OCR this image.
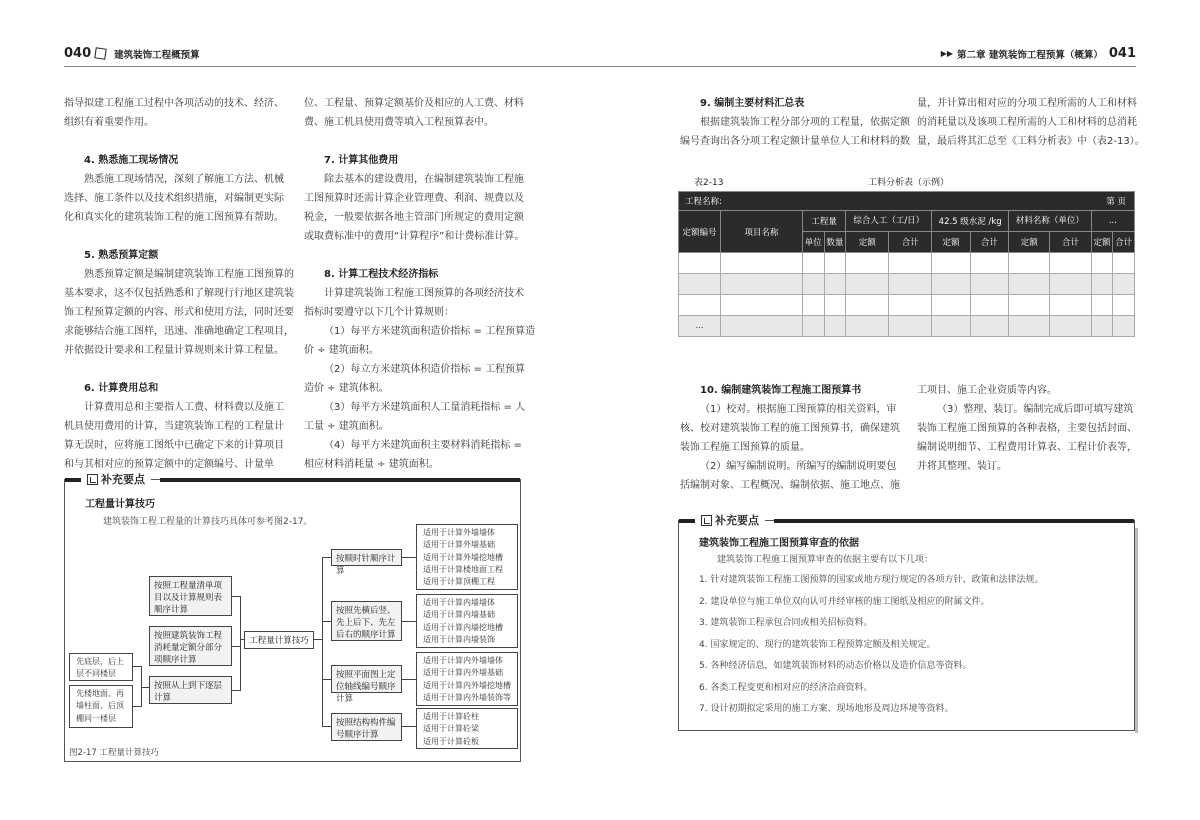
040 建筑装饰工程概预算
指导拟建工程施工过程中各项活动的技术、经济、
组织有着重要作用。

4. 熟悉施工现场情况
熟悉施工现场情况，深刻了解施工方法、机械
选择、施工条件以及技术组织措施，对编制更实际
化和真实化的建筑装饰工程的施工图预算有帮助。

5. 熟悉预算定额
熟悉预算定额是编制建筑装饰工程施工图预算的
基本要求，这不仅包括熟悉和了解现行行地区建筑装
饰工程预算定额的内容、形式和使用方法，同时还要
求能够结合施工图样，迅速、准确地确定工程项目，
并依据设计要求和工程量计算规则来计算工程量。

6. 计算费用总和
计算费用总和主要指人工费、材料费以及施工
机具使用费用的计算，当建筑装饰工程的工程量计
算无误时，应将施工图纸中已确定下来的计算项目
和与其相对应的预算定额中的定额编号、计量单
位、工程量、预算定额基价及相应的人工费、材料
费、施工机具使用费等填入工程预算表中。

7. 计算其他费用
除去基本的建设费用，在编制建筑装饰工程施
工图预算时还需计算企业管理费、利润、规费以及
税金，一般要依据各地主管部门所规定的费用定额
或取费标准中的费用“计算程序”和计费标准计算。

8. 计算工程技术经济指标
计算建筑装饰工程施工图预算的各项经济技术
指标时要遵守以下几个计算规则：
（1）每平方米建筑面积造价指标 = 工程预算造
价 ÷ 建筑面积。
（2）每立方米建筑体积造价指标 = 工程预算
造价 ÷ 建筑体积。
（3）每平方米建筑面积人工量消耗指标 = 人
工量 ÷ 建筑面积。
（4）每平方米建筑面积主要材料消耗指标 =
相应材料消耗量 ÷ 建筑面积。
补充要点
工程量计算技巧
建筑装饰工程工程量的计算技巧具体可参考图2-17。
先底层，后上层不同楼层
先楼地面、再墙柱面、后顶棚同一楼层
按照工程量清单项目以及计算规则表顺序计算
按照建筑装饰工程消耗量定额分部分项顺序计算
按照从上到下逐层计算
工程量计算技巧
按顺时针顺序计算
按照先横后竖、先上后下、先左后右的顺序计算
按照平面图上定位轴线编号顺序计算
按照结构构件编号顺序计算
适用于计算外墙墙体
适用于计算外墙基础
适用于计算外墙挖地槽
适用于计算楼地面工程
适用于计算顶棚工程
适用于计算内墙墙体
适用于计算内墙基础
适用于计算内墙挖地槽
适用于计算内墙装饰
适用于计算内外墙墙体
适用于计算内外墙基础
适用于计算内外墙挖地槽
适用于计算内外墙装饰等
适用于计算砼柱
适用于计算砼梁
适用于计算砼板
图2-17 工程量计算技巧
▶▶ 第二章 建筑装饰工程预算（概算） 041
9. 编制主要材料汇总表
根据建筑装饰工程分部分项的工程量，依据定额
编号查询出各分项工程定额计量单位人工和材料的数
量，并计算出相对应的分项工程所需的人工和材料
的消耗量以及该项工程所需的人工和材料的总消耗
量，最后将其汇总至《工料分析表》中（表2-13）。
表2-13	工料分析表（示例）
工程名称: 第 页											

定额编号	项目名称	工程量		综合人工（工/日）		42.5 级水泥 /kg		材料名称（单位）		...	
		单位	数量	定额	合计	定额	合计	定额	合计	定额	合计

...											
10. 编制建筑装饰工程施工图预算书
（1）校对。根据施工图预算的相关资料，审
核、校对建筑装饰工程的施工图预算书，确保建筑
装饰工程施工图预算的质量。
（2）编写编制说明。所编写的编制说明要包
括编制对象、工程概况、编制依据、施工地点、施
工项目、施工企业资质等内容。
（3）整理、装订。编制完成后即可填写建筑
装饰工程施工图预算的各种表格，主要包括封面、
编制说明细节、工程费用计算表、工程计价表等，
并将其整理、装订。
补充要点
建筑装饰工程施工图预算审查的依据
建筑装饰工程施工图预算审查的依据主要有以下几项：
1. 针对建筑装饰工程施工图预算的国家或地方现行规定的各项方针、政策和法律法规。
2. 建设单位与施工单位双向认可并经审核的施工图纸及相应的附属文件。
3. 建筑装饰工程承包合同或相关招标资料。
4. 国家规定的、现行的建筑装饰工程预算定额及相关规定。
5. 各种经济信息，如建筑装饰材料的动态价格以及造价信息等资料。
6. 各类工程变更和相对应的经济洽商资料。
7. 设计初期拟定采用的施工方案、现场地形及周边环境等资料。
